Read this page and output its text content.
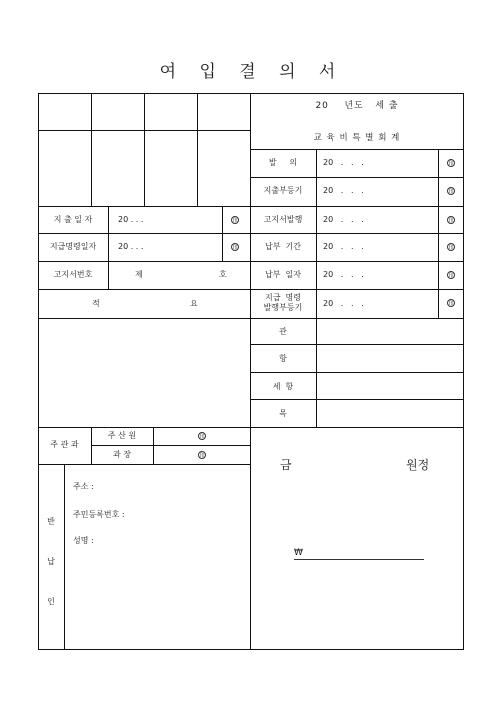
여 입 결 의 서
지 출 일 자	20 . . .	印
지급명령일자	20 . . .	印
고지서번호	제	호
적	요
주 관 과
주 산 원	印
과 장	印
반
납
인
주소 :
주민등록번호 :
성명 :
20    년도   세 출
교 육 비 특 별 회 계
발     의	20   .   .   .	印
지출부등기	20   .   .   .	印
고지서발행	20   .   .   .	印
납부  기간	20   .   .   .	印
납부  일자	20   .   .   .	印
지급  명령
발행부등기	20   .   .   .	印
관
항
세  항
목
금	원정
₩
